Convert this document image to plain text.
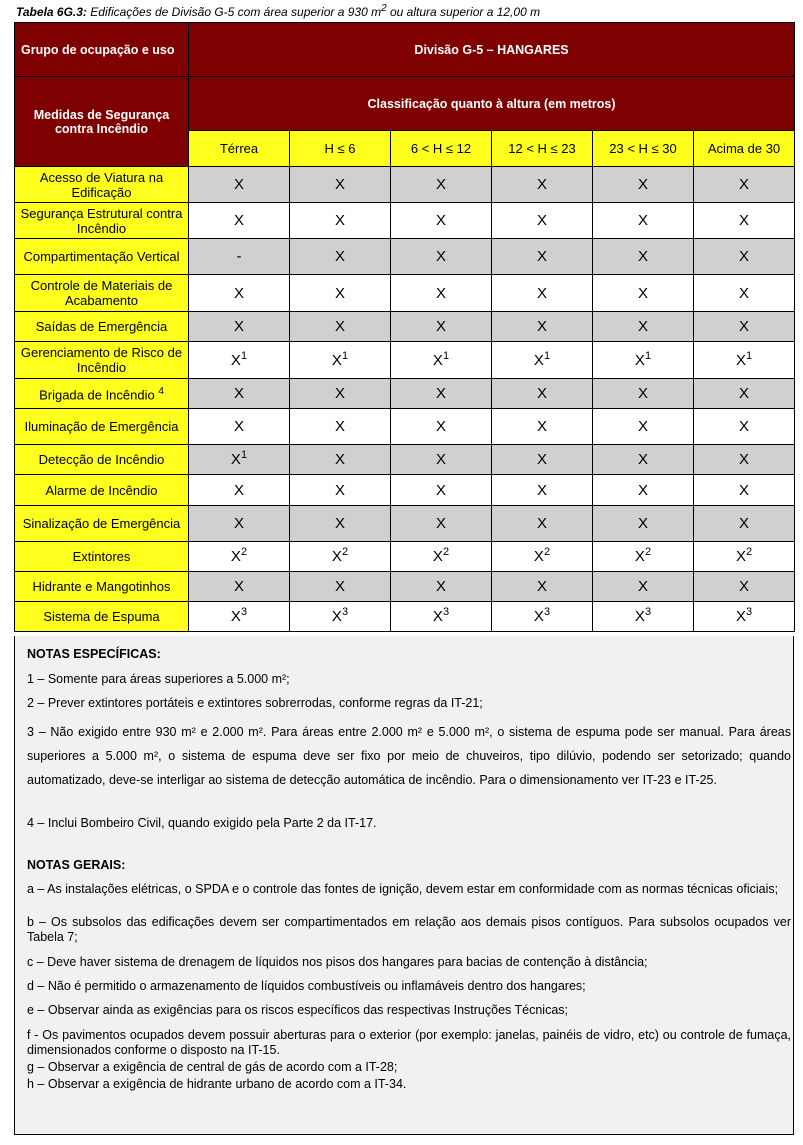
Tabela 6G.3: Edificações de Divisão G-5 com área superior a 930 $m^2$ ou altura superior a 12,00 m
Grupo de ocupação e uso	Divisão G-5 – HANGARES					
Medidas de Segurança contra Incêndio	Classificação quanto à altura (em metros)					
	Térrea	H ≤ 6	6 < H ≤ 12	12 < H ≤ 23	23 < H ≤ 30	Acima de 30
Acesso de Viatura na Edificação	X	X	X	X	X	X
Segurança Estrutural contra Incêndio	X	X	X	X	X	X
Compartimentação Vertical	-	X	X	X	X	X
Controle de Materiais de Acabamento	X	X	X	X	X	X
Saídas de Emergência	X	X	X	X	X	X
Gerenciamento de Risco de Incêndio	$X^1$	$X^1$	$X^1$	$X^1$	$X^1$	$X^1$
Brigada de Incêndio $^4$	X	X	X	X	X	X
Iluminação de Emergência	X	X	X	X	X	X
Detecção de Incêndio	$X^1$	X	X	X	X	X
Alarme de Incêndio	X	X	X	X	X	X
Sinalização de Emergência	X	X	X	X	X	X
Extintores	$X^2$	$X^2$	$X^2$	$X^2$	$X^2$	$X^2$
Hidrante e Mangotinhos	X	X	X	X	X	X
Sistema de Espuma	$X^3$	$X^3$	$X^3$	$X^3$	$X^3$	$X^3$
NOTAS ESPECÍFICAS:
1 – Somente para áreas superiores a 5.000 m²;
2 – Prever extintores portáteis e extintores sobrerrodas, conforme regras da IT-21;
3 – Não exigido entre 930 m² e 2.000 m². Para áreas entre 2.000 m² e 5.000 m², o sistema de espuma pode ser manual. Para áreas superiores a 5.000 m², o sistema de espuma deve ser fixo por meio de chuveiros, tipo dilúvio, podendo ser setorizado; quando automatizado, deve-se interligar ao sistema de detecção automática de incêndio. Para o dimensionamento ver IT-23 e IT-25.
4 – Inclui Bombeiro Civil, quando exigido pela Parte 2 da IT-17.
NOTAS GERAIS:
a – As instalações elétricas, o SPDA e o controle das fontes de ignição, devem estar em conformidade com as normas técnicas oficiais;
b – Os subsolos das edificações devem ser compartimentados em relação aos demais pisos contíguos. Para subsolos ocupados ver Tabela 7;
c – Deve haver sistema de drenagem de líquidos nos pisos dos hangares para bacias de contenção à distância;
d – Não é permitido o armazenamento de líquidos combustíveis ou inflamáveis dentro dos hangares;
e – Observar ainda as exigências para os riscos específicos das respectivas Instruções Técnicas;
f - Os pavimentos ocupados devem possuir aberturas para o exterior (por exemplo: janelas, painéis de vidro, etc) ou controle de fumaça, dimensionados conforme o disposto na IT-15.
g – Observar a exigência de central de gás de acordo com a IT-28;
h – Observar a exigência de hidrante urbano de acordo com a IT-34.
